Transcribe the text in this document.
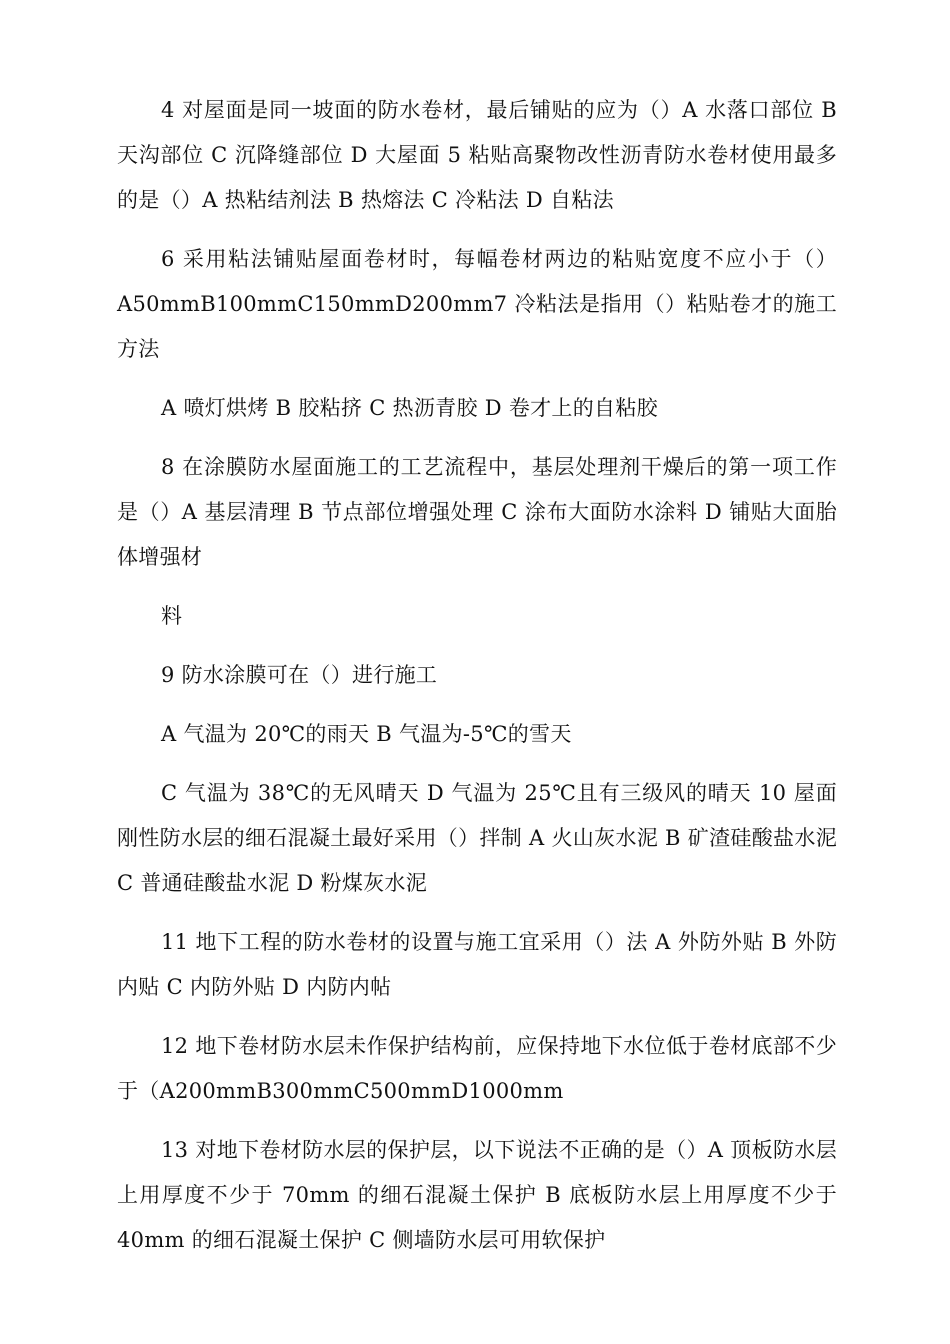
4 对屋面是同一坡面的防水卷材，最后铺贴的应为（）A 水落口部位 B 天沟部位 C 沉降缝部位 D 大屋面 5 粘贴高聚物改性沥青防水卷材使用最多的是（）A 热粘结剂法 B 热熔法 C 冷粘法 D 自粘法

6 采用粘法铺贴屋面卷材时，每幅卷材两边的粘贴宽度不应小于（）A50mmB100mmC150mmD200mm7 冷粘法是指用（）粘贴卷才的施工方法

A 喷灯烘烤 B 胶粘挤 C 热沥青胶 D 卷才上的自粘胶

8 在涂膜防水屋面施工的工艺流程中，基层处理剂干燥后的第一项工作是（）A 基层清理 B 节点部位增强处理 C 涂布大面防水涂料 D 铺贴大面胎体增强材

料

9 防水涂膜可在（）进行施工

A 气温为 20℃的雨天 B 气温为-5℃的雪天

C 气温为 38℃的无风晴天 D 气温为 25℃且有三级风的晴天 10 屋面刚性防水层的细石混凝土最好采用（）拌制 A 火山灰水泥 B 矿渣硅酸盐水泥 C 普通硅酸盐水泥 D 粉煤灰水泥

11 地下工程的防水卷材的设置与施工宜采用（）法 A 外防外贴 B 外防内贴 C 内防外贴 D 内防内帖

12 地下卷材防水层未作保护结构前，应保持地下水位低于卷材底部不少于（A200mmB300mmC500mmD1000mm

13 对地下卷材防水层的保护层，以下说法不正确的是（）A 顶板防水层上用厚度不少于 70mm 的细石混凝土保护 B 底板防水层上用厚度不少于 40mm 的细石混凝土保护 C 侧墙防水层可用软保护
